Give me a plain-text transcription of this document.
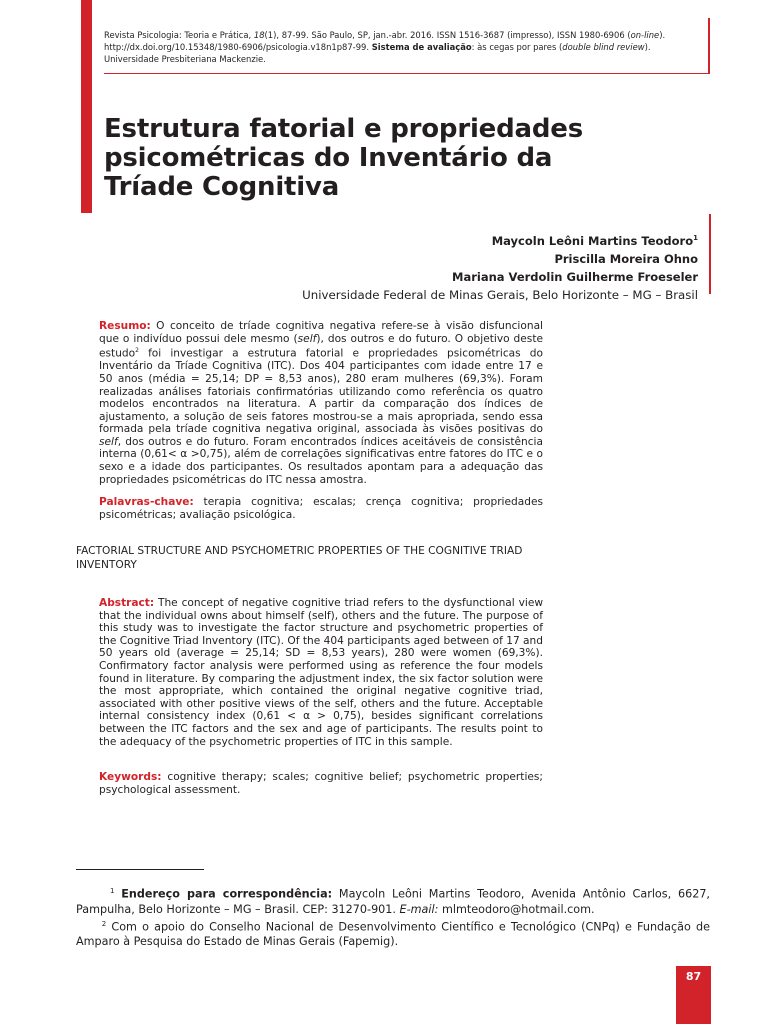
Revista Psicologia: Teoria e Prática, 18(1), 87-99. São Paulo, SP, jan.-abr. 2016. ISSN 1516-3687 (impresso), ISSN 1980-6906 (on-line). http://dx.doi.org/10.15348/1980-6906/psicologia.v18n1p87-99. Sistema de avaliação: às cegas por pares (double blind review).
Universidade Presbiteriana Mackenzie.
Estrutura fatorial e propriedades
psicométricas do Inventário da
Tríade Cognitiva
Maycoln Leôni Martins Teodoro$^1$
Priscilla Moreira Ohno
Mariana Verdolin Guilherme Froeseler
Universidade Federal de Minas Gerais, Belo Horizonte – MG – Brasil
Resumo: O conceito de tríade cognitiva negativa refere-se à visão disfuncional que o indivíduo possui dele mesmo (self), dos outros e do futuro. O objetivo deste estudo$^2$ foi investigar a estrutura fatorial e propriedades psicométricas do Inventário da Tríade Cognitiva (ITC). Dos 404 participantes com idade entre 17 e 50 anos (média = 25,14; DP = 8,53 anos), 280 eram mulheres (69,3%). Foram realizadas análises fatoriais confirmatórias utilizando como referência os quatro modelos encontrados na literatura. A partir da comparação dos índices de ajustamento, a solução de seis fatores mostrou-se a mais apropriada, sendo essa formada pela tríade cognitiva negativa original, associada às visões positivas do self, dos outros e do futuro. Foram encontrados índices aceitáveis de consistência interna (0,61< α >0,75), além de correlações significativas entre fatores do ITC e o sexo e a idade dos participantes. Os resultados apontam para a adequação das propriedades psicométricas do ITC nessa amostra.
Palavras-chave: terapia cognitiva; escalas; crença cognitiva; propriedades psicométricas; avaliação psicológica.
FACTORIAL STRUCTURE AND PSYCHOMETRIC PROPERTIES OF THE COGNITIVE TRIAD INVENTORY
Abstract: The concept of negative cognitive triad refers to the dysfunctional view that the individual owns about himself (self), others and the future. The purpose of this study was to investigate the factor structure and psychometric properties of the Cognitive Triad Inventory (ITC). Of the 404 participants aged between of 17 and 50 years old (average = 25,14; SD = 8,53 years), 280 were women (69,3%). Confirmatory factor analysis were performed using as reference the four models found in literature. By comparing the adjustment index, the six factor solution were the most appropriate, which contained the original negative cognitive triad, associated with other positive views of the self, others and the future. Acceptable internal consistency index (0,61 < α > 0,75), besides significant correlations between the ITC factors and the sex and age of participants. The results point to the adequacy of the psychometric properties of ITC in this sample.
Keywords: cognitive therapy; scales; cognitive belief; psychometric properties; psychological assessment.

$^1$ Endereço para correspondência: Maycoln Leôni Martins Teodoro, Avenida Antônio Carlos, 6627, Pampulha, Belo Horizonte – MG – Brasil. CEP: 31270-901. E-mail: mlmteodoro@hotmail.com.

$^2$ Com o apoio do Conselho Nacional de Desenvolvimento Científico e Tecnológico (CNPq) e Fundação de Amparo à Pesquisa do Estado de Minas Gerais (Fapemig).

87
